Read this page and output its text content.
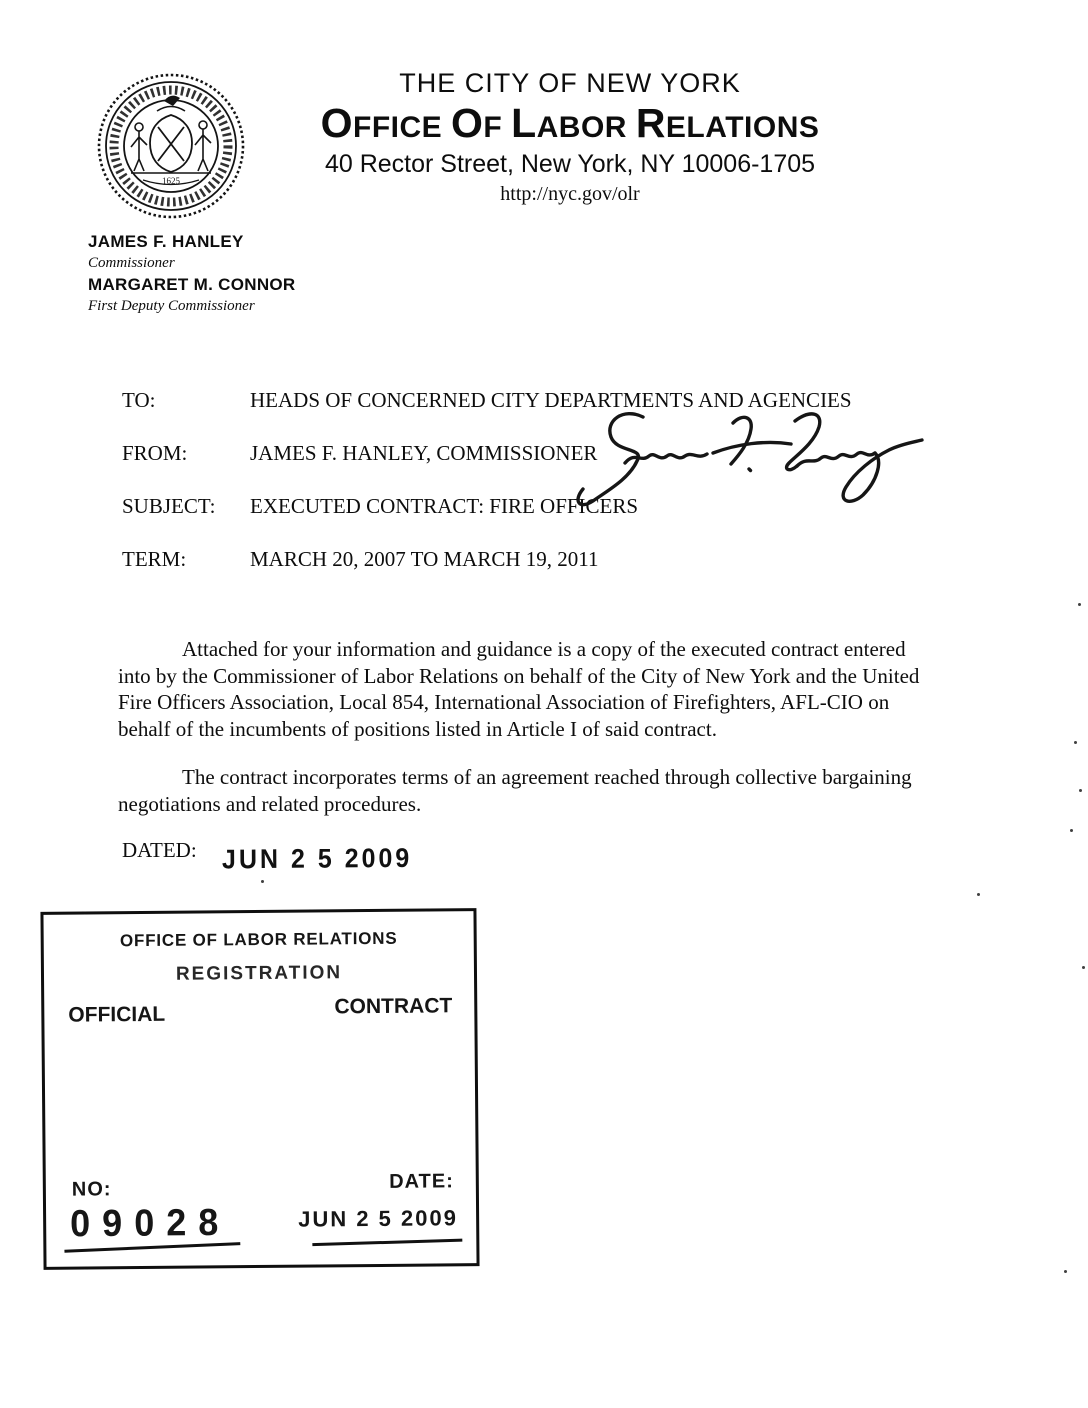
1625
THE CITY OF NEW YORK
OFFICE OF LABOR RELATIONS
40 Rector Street, New York, NY 10006-1705
http://nyc.gov/olr
JAMES F. HANLEY
Commissioner
MARGARET M. CONNOR
First Deputy Commissioner
TO:	HEADS OF CONCERNED CITY DEPARTMENTS AND AGENCIES
FROM:	JAMES F. HANLEY, COMMISSIONER
SUBJECT:	EXECUTED CONTRACT: FIRE OFFICERS
TERM:	MARCH 20, 2007 TO MARCH 19, 2011

Attached for your information and guidance is a copy of the executed contract entered into by the Commissioner of Labor Relations on behalf of the City of New York and the United Fire Officers Association, Local 854, International Association of Firefighters, AFL-CIO on behalf of the incumbents of positions listed in Article I of said contract.

The contract incorporates terms of an agreement reached through collective bargaining negotiations and related procedures.

DATED: JUN 2 5 2009
OFFICE OF LABOR RELATIONS
REGISTRATION
OFFICIAL	CONTRACT
NO:
09028
DATE:
JUN 2 5 2009
